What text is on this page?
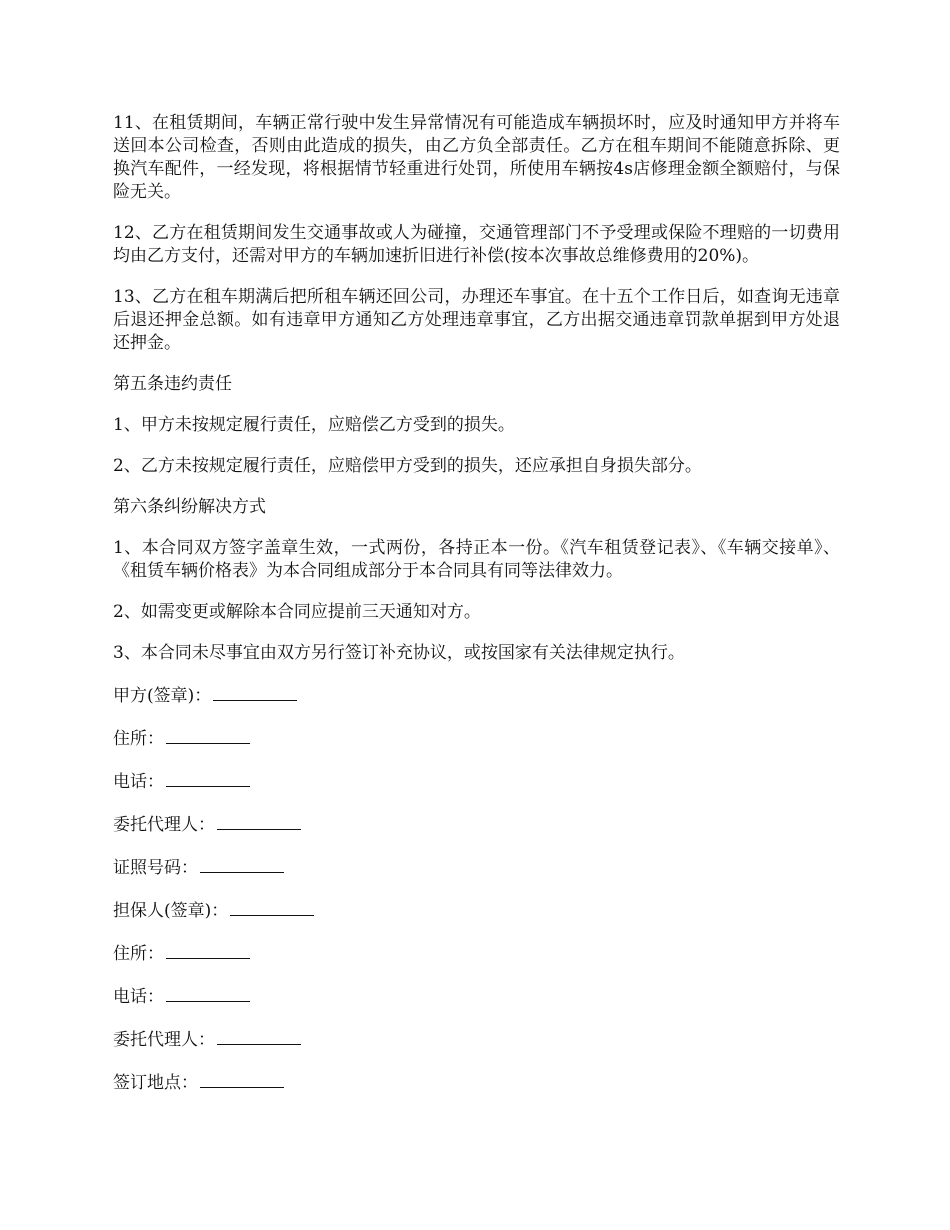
11、在租赁期间，车辆正常行驶中发生异常情况有可能造成车辆损坏时，应及时通知甲方并将车送回本公司检查，否则由此造成的损失，由乙方负全部责任。乙方在租车期间不能随意拆除、更换汽车配件，一经发现，将根据情节轻重进行处罚，所使用车辆按4s店修理金额全额赔付，与保险无关。

12、乙方在租赁期间发生交通事故或人为碰撞，交通管理部门不予受理或保险不理赔的一切费用均由乙方支付，还需对甲方的车辆加速折旧进行补偿(按本次事故总维修费用的20%)。

13、乙方在租车期满后把所租车辆还回公司，办理还车事宜。在十五个工作日后，如查询无违章后退还押金总额。如有违章甲方通知乙方处理违章事宜，乙方出据交通违章罚款单据到甲方处退还押金。

第五条违约责任

1、甲方未按规定履行责任，应赔偿乙方受到的损失。

2、乙方未按规定履行责任，应赔偿甲方受到的损失，还应承担自身损失部分。

第六条纠纷解决方式

1、本合同双方签字盖章生效，一式两份，各持正本一份。《汽车租赁登记表》、《车辆交接单》、《租赁车辆价格表》为本合同组成部分于本合同具有同等法律效力。

2、如需变更或解除本合同应提前三天通知对方。

3、本合同未尽事宜由双方另行签订补充协议，或按国家有关法律规定执行。

甲方(签章)：
住所：
电话：
委托代理人：
证照号码：
担保人(签章)：
住所：
电话：
委托代理人：
签订地点：
